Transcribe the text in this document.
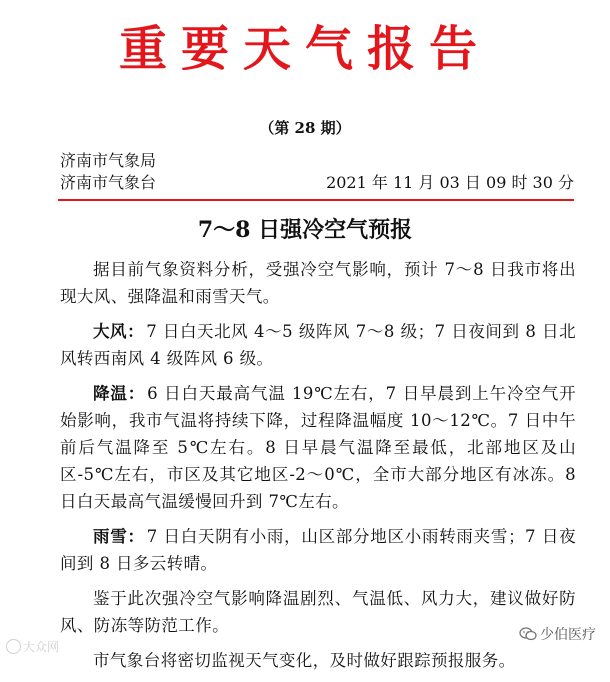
重要天气报告
（第 28 期）
济南市气象局
济南市气象台	2021 年 11 月 03 日 09 时 30 分
7～8 日强冷空气预报

据目前气象资料分析，受强冷空气影响，预计 7～8 日我市将出现大风、强降温和雨雪天气。

大风： 7 日白天北风 4～5 级阵风 7～8 级；7 日夜间到 8 日北风转西南风 4 级阵风 6 级。

降温： 6 日白天最高气温 19℃左右，7 日早晨到上午冷空气开始影响，我市气温将持续下降，过程降温幅度 10～12℃。7 日中午前后气温降至 5℃左右。8 日早晨气温降至最低，北部地区及山区-5℃左右，市区及其它地区-2～0℃，全市大部分地区有冰冻。8 日白天最高气温缓慢回升到 7℃左右。

雨雪： 7 日白天阴有小雨，山区部分地区小雨转雨夹雪；7 日夜间到 8 日多云转晴。

鉴于此次强冷空气影响降温剧烈、气温低、风力大，建议做好防风、防冻等防范工作。

市气象台将密切监视天气变化，及时做好跟踪预报服务。

大众网
少伯医疗
